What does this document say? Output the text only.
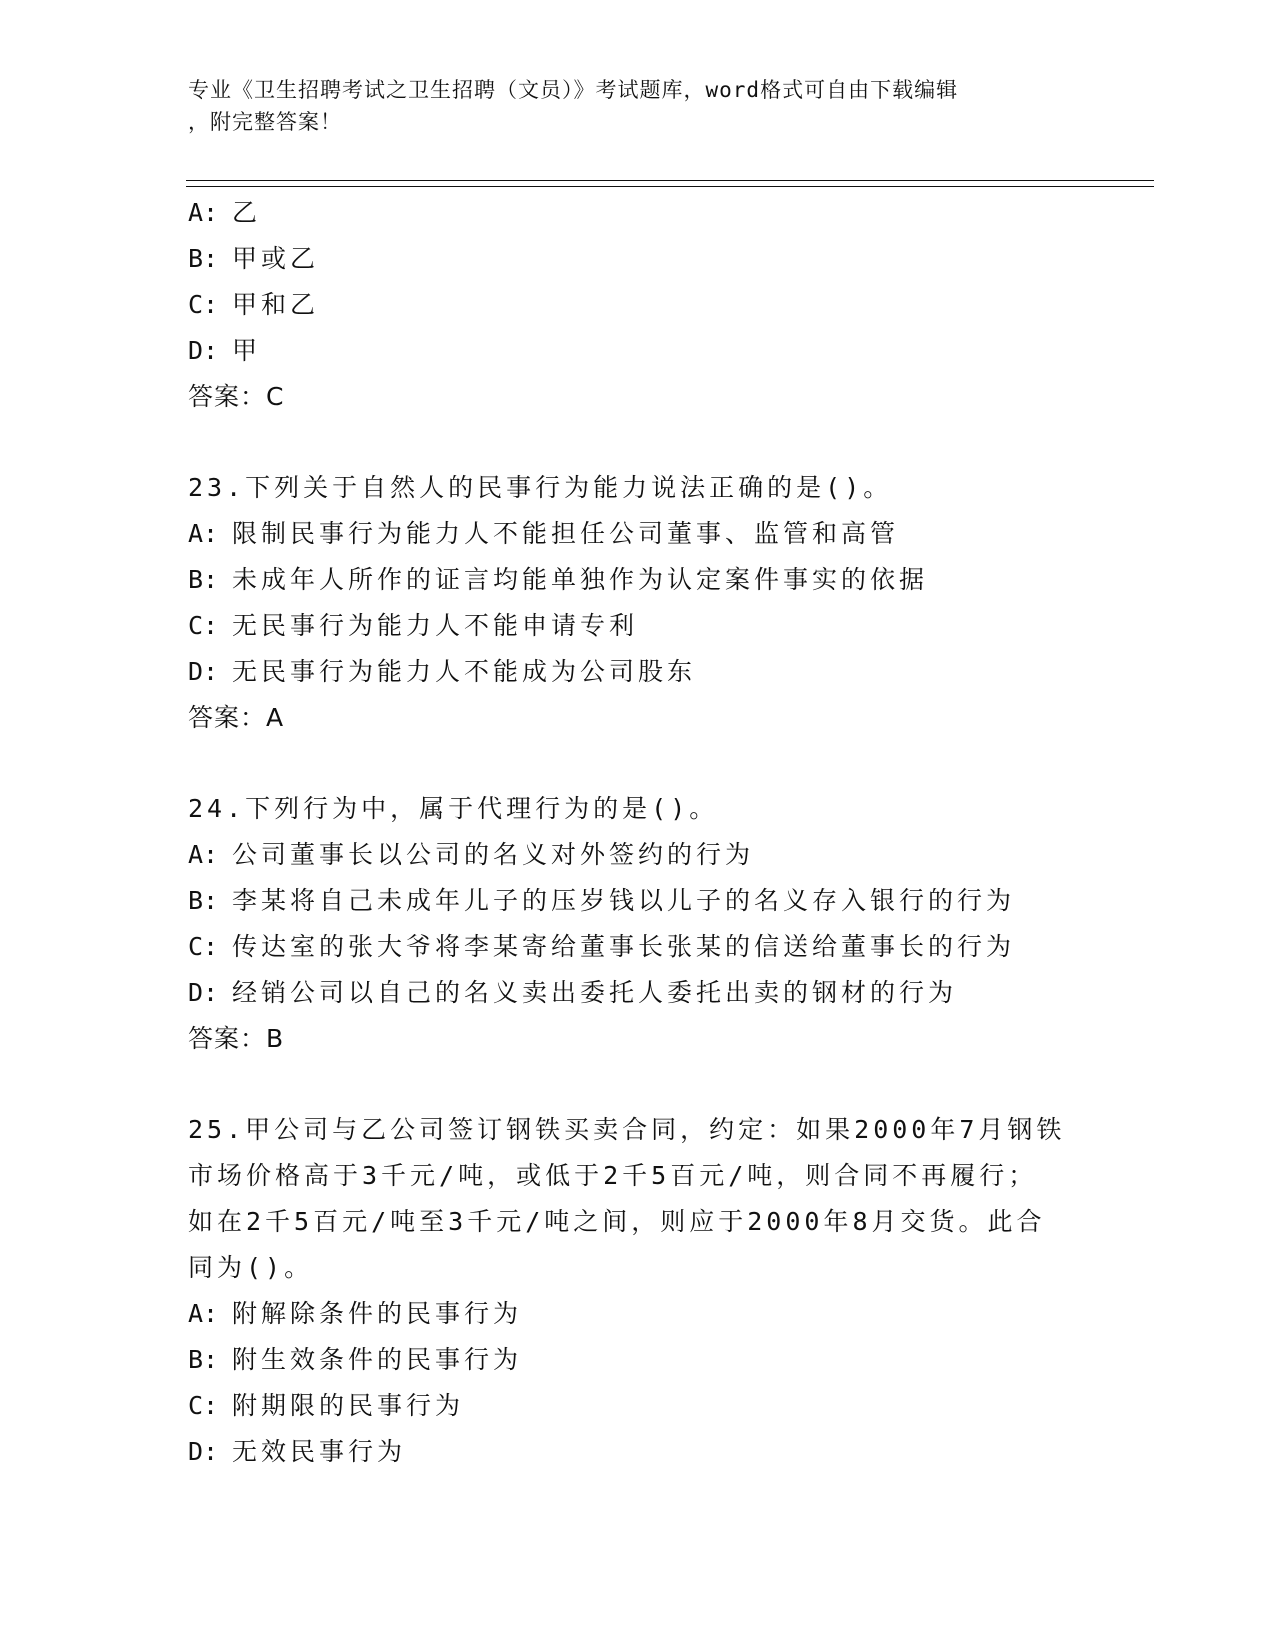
专业《卫生招聘考试之卫生招聘（文员）》考试题库，word格式可自由下载编辑
，附完整答案！
A: 乙
B: 甲或乙
C: 甲和乙
D: 甲
答案：C
23.下列关于自然人的民事行为能力说法正确的是()。
A: 限制民事行为能力人不能担任公司董事、监管和高管
B: 未成年人所作的证言均能单独作为认定案件事实的依据
C: 无民事行为能力人不能申请专利
D: 无民事行为能力人不能成为公司股东
答案：A
24.下列行为中，属于代理行为的是()。
A: 公司董事长以公司的名义对外签约的行为
B: 李某将自己未成年儿子的压岁钱以儿子的名义存入银行的行为
C: 传达室的张大爷将李某寄给董事长张某的信送给董事长的行为
D: 经销公司以自己的名义卖出委托人委托出卖的钢材的行为
答案：B
25.甲公司与乙公司签订钢铁买卖合同，约定：如果2000年7月钢铁
市场价格高于3千元/吨，或低于2千5百元/吨，则合同不再履行；
如在2千5百元/吨至3千元/吨之间，则应于2000年8月交货。此合
同为()。
A: 附解除条件的民事行为
B: 附生效条件的民事行为
C: 附期限的民事行为
D: 无效民事行为
